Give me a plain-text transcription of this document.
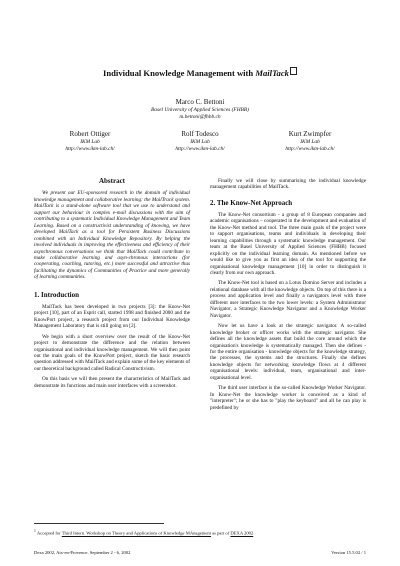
Individual Knowledge Management with MailTack
Marco C. Bettoni
Basel University of Applied Sciences (FHBB)
m.bettoni@fhbb.ch
Robert Ottiger
IKM Lab
http://www.ikm-lab.ch/
Rolf Todesco
IKM Lab
http://www.ikm-lab.ch/
Kurt Zwimpfer
IKM Lab
http://www.ikm-lab.ch/
Abstract

We present our EU-sponsored research in the domain of individual knowledge management and collaborative learning: the MailTrack system. MailTack is a stand-alone software tool that we use to understand and support our behaviour in complex e-mail discussions with the aim of contributing to a systematic Individual Knowledge Management and Team Learning. Based on a constructivist understanding of knowing, we have developed MailTack as a tool for Persistent Business Discussions combined with an Individual Knowledge Repository. By helping the involved individuals in improving the effectiveness and efficiency of their asynchronous conversations we think that MailTack could contribute to make collaborative learning and asyn-chronous interactions (for cooperating, coaching, tutoring, etc.) more successful and attractive thus facilitating the dynamics of Communities of Practice and more generally of learning communities.

1. Introduction

MailTack has been developed in two projects [3]: the Know-Net project [10], part of an Esprit call, started 1998 and finished 2000 and the KnowPort project, a research project from our Individual Knowledge Management Laboratory that is still going on [2].

We begin with a short overview over the result of the Know-Net project to demonstrate the difference and the relation between organisational and individual knowledge management. We will then point out the main goals of the KnowPort project, sketch the basic research question addressed with MailTack and explain some of the key elements of our theoretical background called Radical Constructivism.

On this basis we will then present the characteristics of MailTack and demonstrate its functions and main user interfaces with a screenshot.

Finally we will close by summarising the individual knowledge management capabilities of MailTack.

2. The Know-Net Approach

The Know-Net consortium - a group of 8 European companies and academic organisations – cooperated in the development and evaluation of the Know-Net method and tool. The three main goals of the project were to support organisations, teams and individuals in developing their learning capabilities through a systematic knowledge management. Our team at the Basel University of Applied Sciences (FHBB) focused explicitly on the individual learning domain. As mentioned before we would like to give you as first an idea of the tool for supporting the organisational knowledge management [10] in order to distinguish it clearly from our own approach.

The Know-Net tool is based on a Lotus Domino Server and includes a relational database with all the knowledge objects. On top of this there is a process and application level and finally a navigators level with three different user interfaces to the two lower levels: a System Administrator Navigator, a Strategic Knowledge Navigator and a Knowledge Worker Navigator.

Now let us have a look at the strategic navigator. A so-called knowledge broker or officer works with the strategic navigator. She defines all the knowledge assets that build the core around which the organisation's knowledge is systematically managed. Then she defines - for the entire organisation - knowledge objects for the knowledge strategy, the processes, the systems and the structures. Finally she defines knowledge objects for networking knowledge flows at 4 different organisational levels: individual, team, organisational and inter-organisational level.

The third user interface is the so-called Knowledge Worker Navigator. In Know-Net the knowledge worker is conceived as a kind of "interpreter"; he or she has to "play the keyboard" and all he can play is predefined by

$^1$ Accepted for Third Intern. Workshop on Theory and Applications of Knowledge MAnagement as part of DEXA 2002
Dexa 2002, Aix-en-Provence, September 2 - 6, 2002	Version 15.5.02 / 1
